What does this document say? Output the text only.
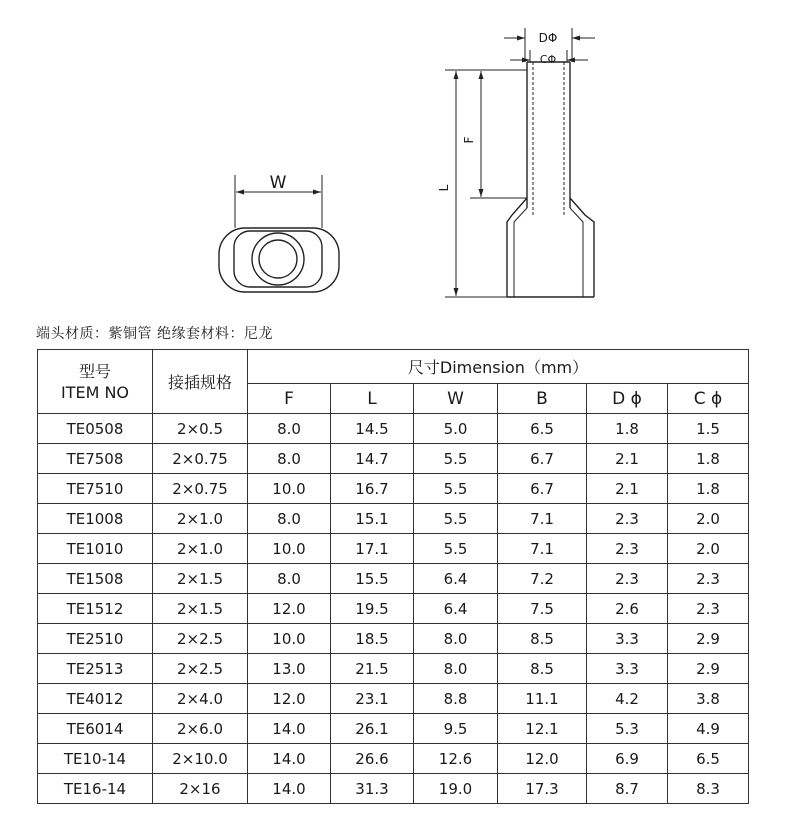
W
DΦ
CΦ
F
L
端头材质：紫铜管 绝缘套材料：尼龙
型号
ITEM NO	接插规格	尺寸Dimension（mm）					
		F	L	W	B	D ϕ	C ϕ
TE0508	2×0.5	8.0	14.5	5.0	6.5	1.8	1.5
TE7508	2×0.75	8.0	14.7	5.5	6.7	2.1	1.8
TE7510	2×0.75	10.0	16.7	5.5	6.7	2.1	1.8
TE1008	2×1.0	8.0	15.1	5.5	7.1	2.3	2.0
TE1010	2×1.0	10.0	17.1	5.5	7.1	2.3	2.0
TE1508	2×1.5	8.0	15.5	6.4	7.2	2.3	2.3
TE1512	2×1.5	12.0	19.5	6.4	7.5	2.6	2.3
TE2510	2×2.5	10.0	18.5	8.0	8.5	3.3	2.9
TE2513	2×2.5	13.0	21.5	8.0	8.5	3.3	2.9
TE4012	2×4.0	12.0	23.1	8.8	11.1	4.2	3.8
TE6014	2×6.0	14.0	26.1	9.5	12.1	5.3	4.9
TE10-14	2×10.0	14.0	26.6	12.6	12.0	6.9	6.5
TE16-14	2×16	14.0	31.3	19.0	17.3	8.7	8.3
